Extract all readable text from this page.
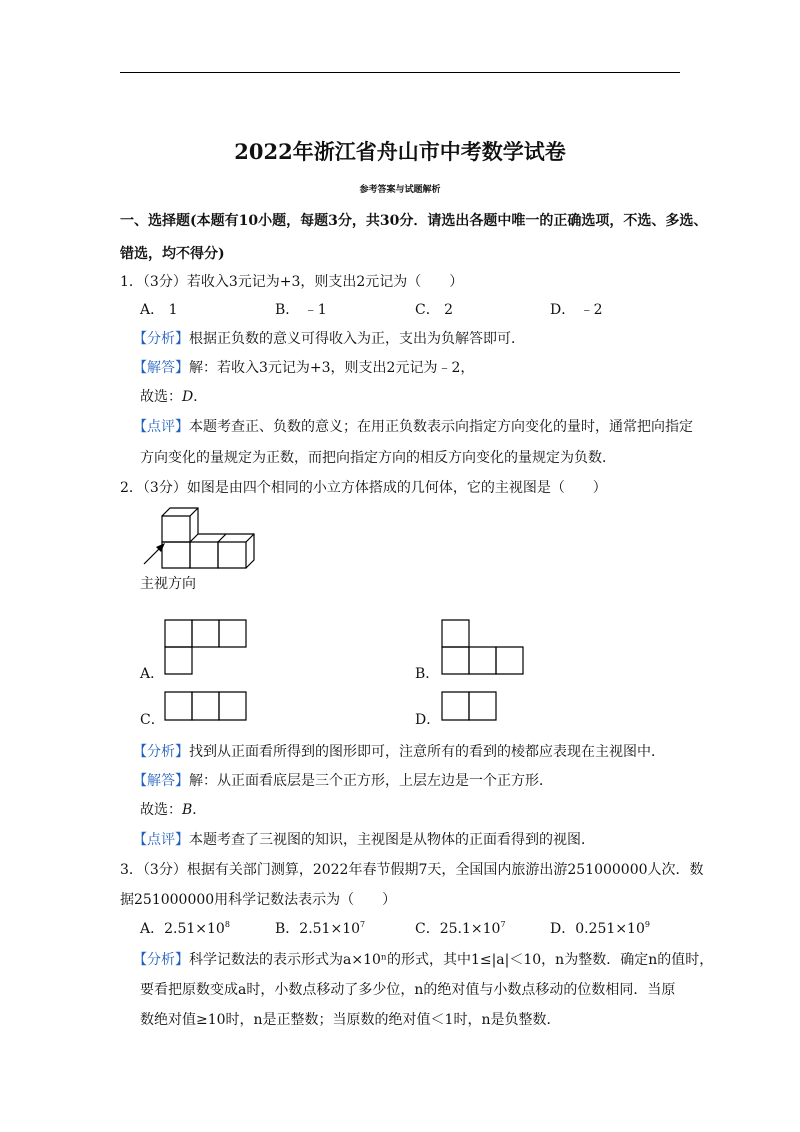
2022年浙江省舟山市中考数学试卷
参考答案与试题解析
一、选择题(本题有10小题，每题3分，共30分．请选出各题中唯一的正确选项，不选、多选、
错选，均不得分)
1．（3分）若收入3元记为+3，则支出2元记为（　　）
A． 1	B． ﹣1	C． 2	D． ﹣2
【分析】根据正负数的意义可得收入为正，支出为负解答即可．
【解答】解：若收入3元记为+3，则支出2元记为﹣2，
故选：D．
【点评】本题考查正、负数的意义；在用正负数表示向指定方向变化的量时，通常把向指定
方向变化的量规定为正数，而把向指定方向的相反方向变化的量规定为负数．
2．（3分）如图是由四个相同的小立方体搭成的几何体，它的主视图是（　　）
主视方向
A．	B．
C．	D．
【分析】找到从正面看所得到的图形即可，注意所有的看到的棱都应表现在主视图中．
【解答】解：从正面看底层是三个正方形，上层左边是一个正方形．
故选：B．
【点评】本题考查了三视图的知识，主视图是从物体的正面看得到的视图．
3．（3分）根据有关部门测算，2022年春节假期7天，全国国内旅游出游251000000人次．数
据251000000用科学记数法表示为（　　）
A．$2.51\times 10^8$	B．$2.51\times 10^7$	C．$25.1\times 10^7$	D．$0.251\times 10^9$
【分析】科学记数法的表示形式为a×10ⁿ的形式，其中1≤|a|＜10，n为整数．确定n的值时，
要看把原数变成a时，小数点移动了多少位，n的绝对值与小数点移动的位数相同．当原
数绝对值≥10时，n是正整数；当原数的绝对值＜1时，n是负整数．
